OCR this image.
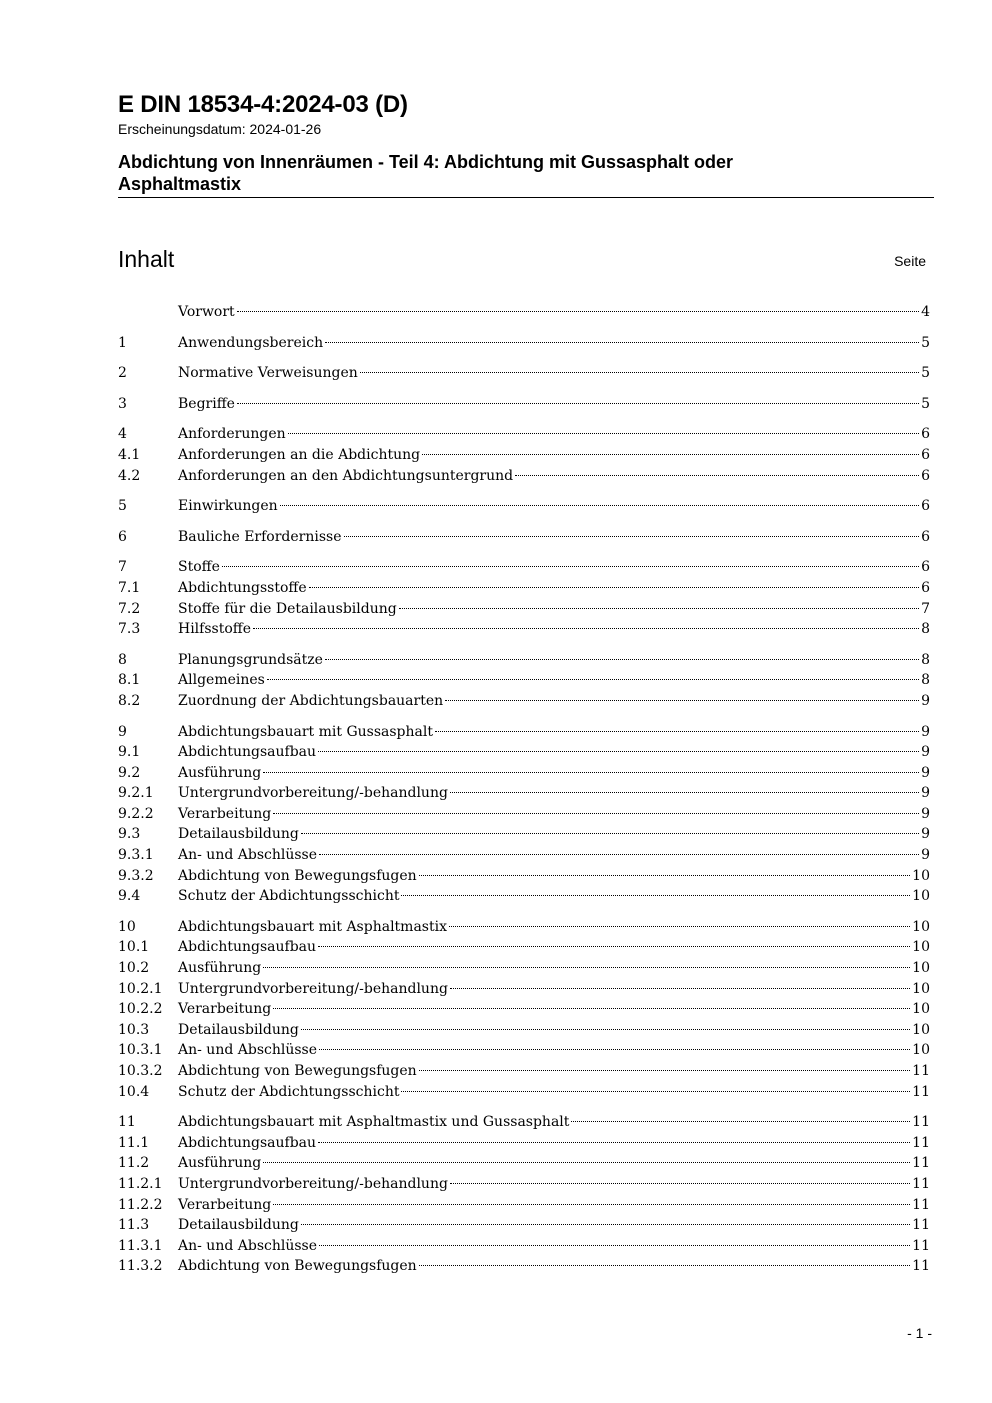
E DIN 18534-4:2024-03 (D)

Erscheinungsdatum: 2024-01-26

Abdichtung von Innenräumen - Teil 4: Abdichtung mit Gussasphalt oder
Asphaltmastix
Inhalt	Seite
Vorwort	4
1	Anwendungsbereich	5
2	Normative Verweisungen	5
3	Begriffe	5
4	Anforderungen	6
4.1	Anforderungen an die Abdichtung	6
4.2	Anforderungen an den Abdichtungsuntergrund	6
5	Einwirkungen	6
6	Bauliche Erfordernisse	6
7	Stoffe	6
7.1	Abdichtungsstoffe	6
7.2	Stoffe für die Detailausbildung	7
7.3	Hilfsstoffe	8
8	Planungsgrundsätze	8
8.1	Allgemeines	8
8.2	Zuordnung der Abdichtungsbauarten	9
9	Abdichtungsbauart mit Gussasphalt	9
9.1	Abdichtungsaufbau	9
9.2	Ausführung	9
9.2.1	Untergrundvorbereitung/-behandlung	9
9.2.2	Verarbeitung	9
9.3	Detailausbildung	9
9.3.1	An- und Abschlüsse	9
9.3.2	Abdichtung von Bewegungsfugen	10
9.4	Schutz der Abdichtungsschicht	10
10	Abdichtungsbauart mit Asphaltmastix	10
10.1	Abdichtungsaufbau	10
10.2	Ausführung	10
10.2.1	Untergrundvorbereitung/-behandlung	10
10.2.2	Verarbeitung	10
10.3	Detailausbildung	10
10.3.1	An- und Abschlüsse	10
10.3.2	Abdichtung von Bewegungsfugen	11
10.4	Schutz der Abdichtungsschicht	11
11	Abdichtungsbauart mit Asphaltmastix und Gussasphalt	11
11.1	Abdichtungsaufbau	11
11.2	Ausführung	11
11.2.1	Untergrundvorbereitung/-behandlung	11
11.2.2	Verarbeitung	11
11.3	Detailausbildung	11
11.3.1	An- und Abschlüsse	11
11.3.2	Abdichtung von Bewegungsfugen	11
- 1 -
